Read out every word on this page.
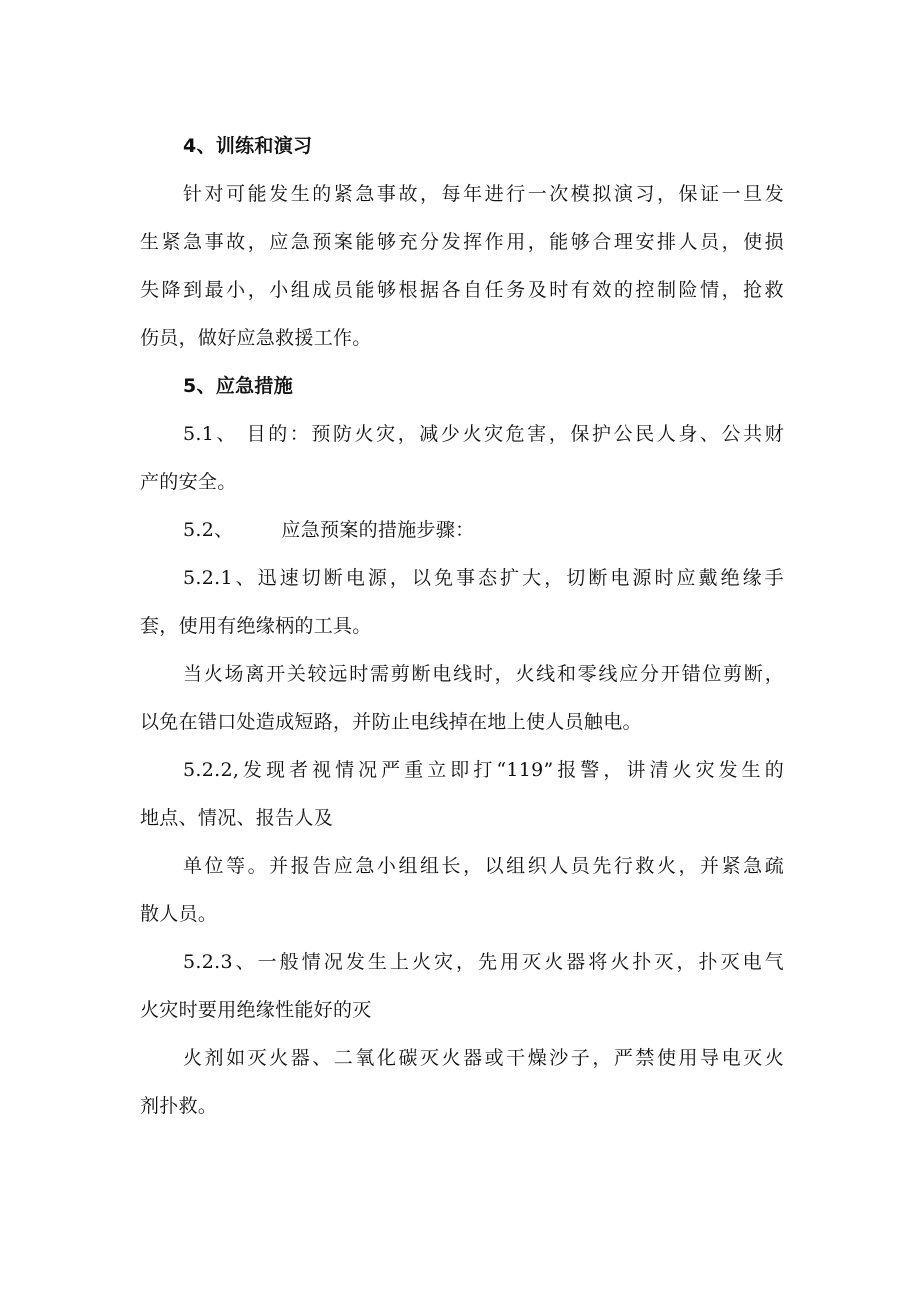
4、训练和演习
针对可能发生的紧急事故，每年进行一次模拟演习，保证一旦发
生紧急事故，应急预案能够充分发挥作用，能够合理安排人员，使损
失降到最小，小组成员能够根据各自任务及时有效的控制险情，抢救
伤员，做好应急救援工作。
5、应急措施
5.1、 目的：预防火灾，减少火灾危害，保护公民人身、公共财
产的安全。
5.2、	应急预案的措施步骤：
5.2.1、迅速切断电源，以免事态扩大，切断电源时应戴绝缘手
套，使用有绝缘柄的工具。
当火场离开关较远时需剪断电线时，火线和零线应分开错位剪断，
以免在错口处造成短路，并防止电线掉在地上使人员触电。
5.2.2,发现者视情况严重立即打“119”报警，讲清火灾发生的
地点、情况、报告人及
单位等。并报告应急小组组长，以组织人员先行救火，并紧急疏
散人员。
5.2.3、一般情况发生上火灾，先用灭火器将火扑灭，扑灭电气
火灾时要用绝缘性能好的灭
火剂如灭火器、二氧化碳灭火器或干燥沙子，严禁使用导电灭火
剂扑救。
